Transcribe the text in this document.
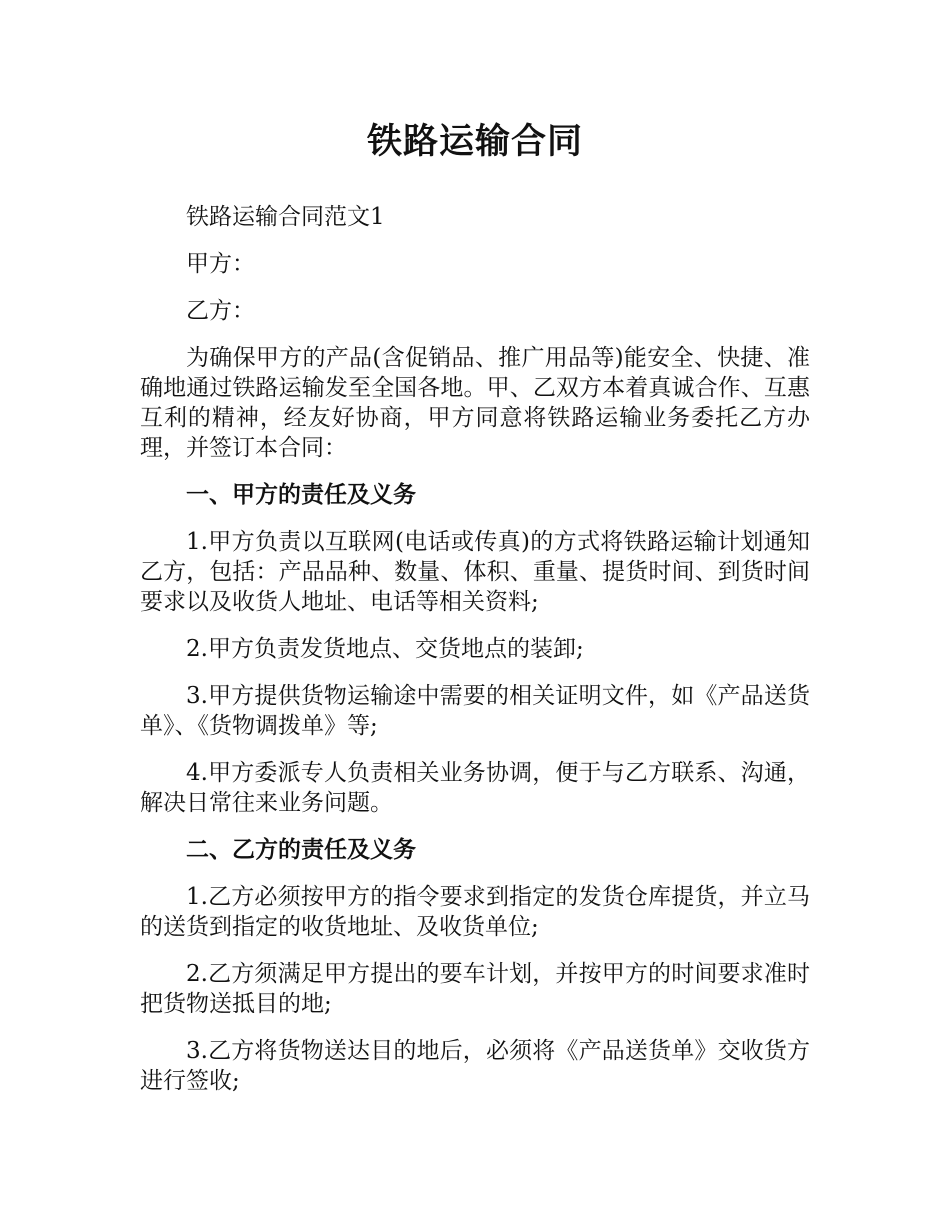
铁路运输合同

铁路运输合同范文1

甲方：

乙方：

为确保甲方的产品(含促销品、推广用品等)能安全、快捷、准确地通过铁路运输发至全国各地。甲、乙双方本着真诚合作、互惠互利的精神，经友好协商，甲方同意将铁路运输业务委托乙方办理，并签订本合同：

一、甲方的责任及义务

1.甲方负责以互联网(电话或传真)的方式将铁路运输计划通知乙方，包括：产品品种、数量、体积、重量、提货时间、到货时间要求以及收货人地址、电话等相关资料;

2.甲方负责发货地点、交货地点的装卸;

3.甲方提供货物运输途中需要的相关证明文件，如《产品送货单》、《货物调拨单》等;

4.甲方委派专人负责相关业务协调，便于与乙方联系、沟通，解决日常往来业务问题。

二、乙方的责任及义务

1.乙方必须按甲方的指令要求到指定的发货仓库提货，并立马的送货到指定的收货地址、及收货单位;

2.乙方须满足甲方提出的要车计划，并按甲方的时间要求准时把货物送抵目的地;

3.乙方将货物送达目的地后，必须将《产品送货单》交收货方进行签收;
